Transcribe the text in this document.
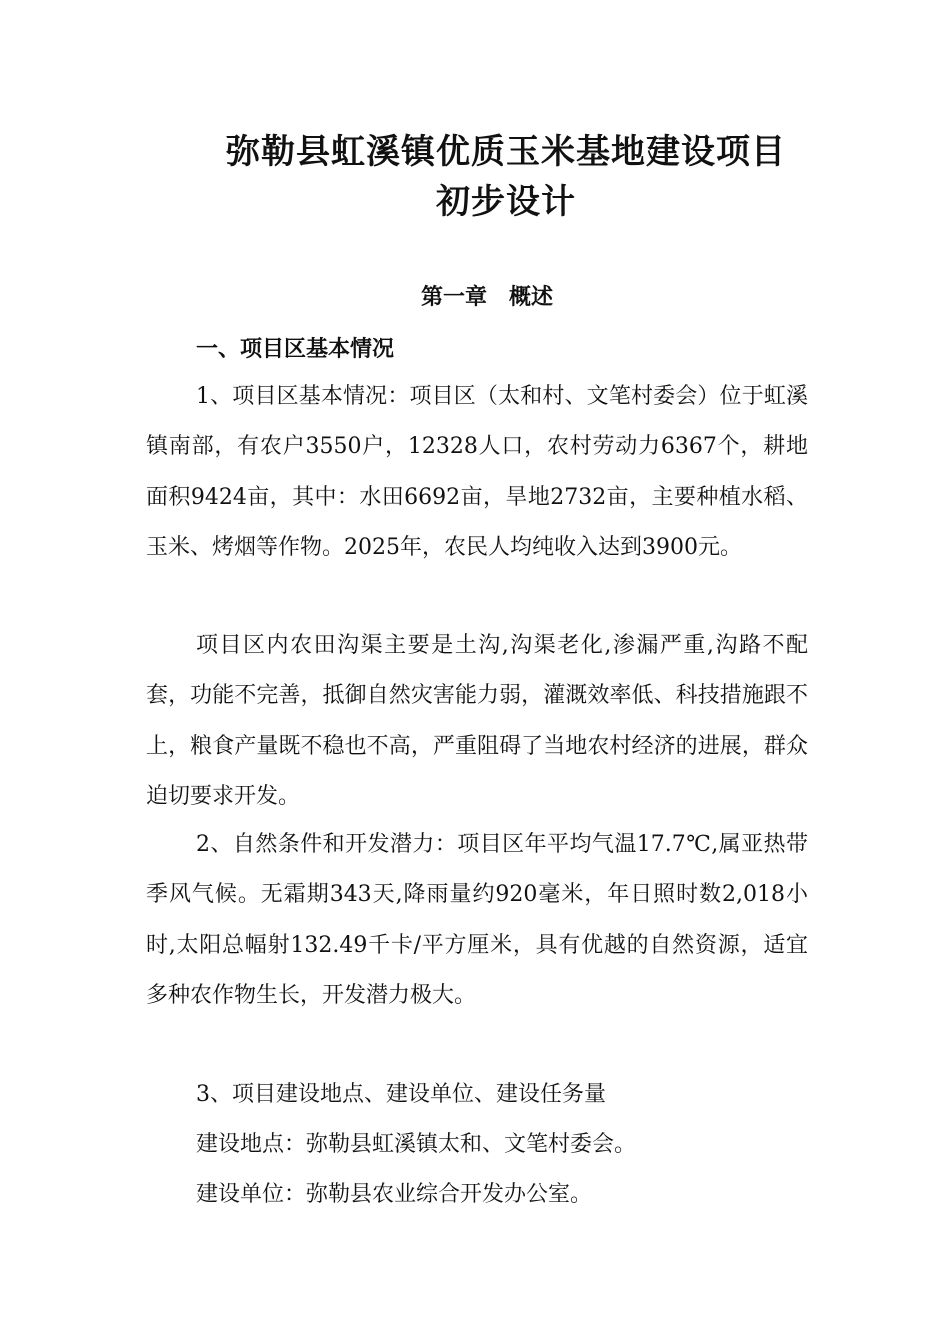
弥勒县虹溪镇优质玉米基地建设项目
初步设计
第一章　概述
一、项目区基本情况
1、项目区基本情况：项目区（太和村、文笔村委会）位于虹溪镇南部，有农户3550户，12328人口，农村劳动力6367个，耕地面积9424亩，其中：水田6692亩，旱地2732亩，主要种植水稻、玉米、烤烟等作物。2025年，农民人均纯收入达到3900元。
项目区内农田沟渠主要是土沟,沟渠老化,渗漏严重,沟路不配套，功能不完善，抵御自然灾害能力弱，灌溉效率低、科技措施跟不上，粮食产量既不稳也不高，严重阻碍了当地农村经济的进展，群众迫切要求开发。
2、自然条件和开发潜力：项目区年平均气温17.7℃,属亚热带季风气候。无霜期343天,降雨量约920毫米，年日照时数2,018小时,太阳总幅射132.49千卡/平方厘米，具有优越的自然资源，适宜多种农作物生长，开发潜力极大。
3、项目建设地点、建设单位、建设任务量
建设地点：弥勒县虹溪镇太和、文笔村委会。
建设单位：弥勒县农业综合开发办公室。
